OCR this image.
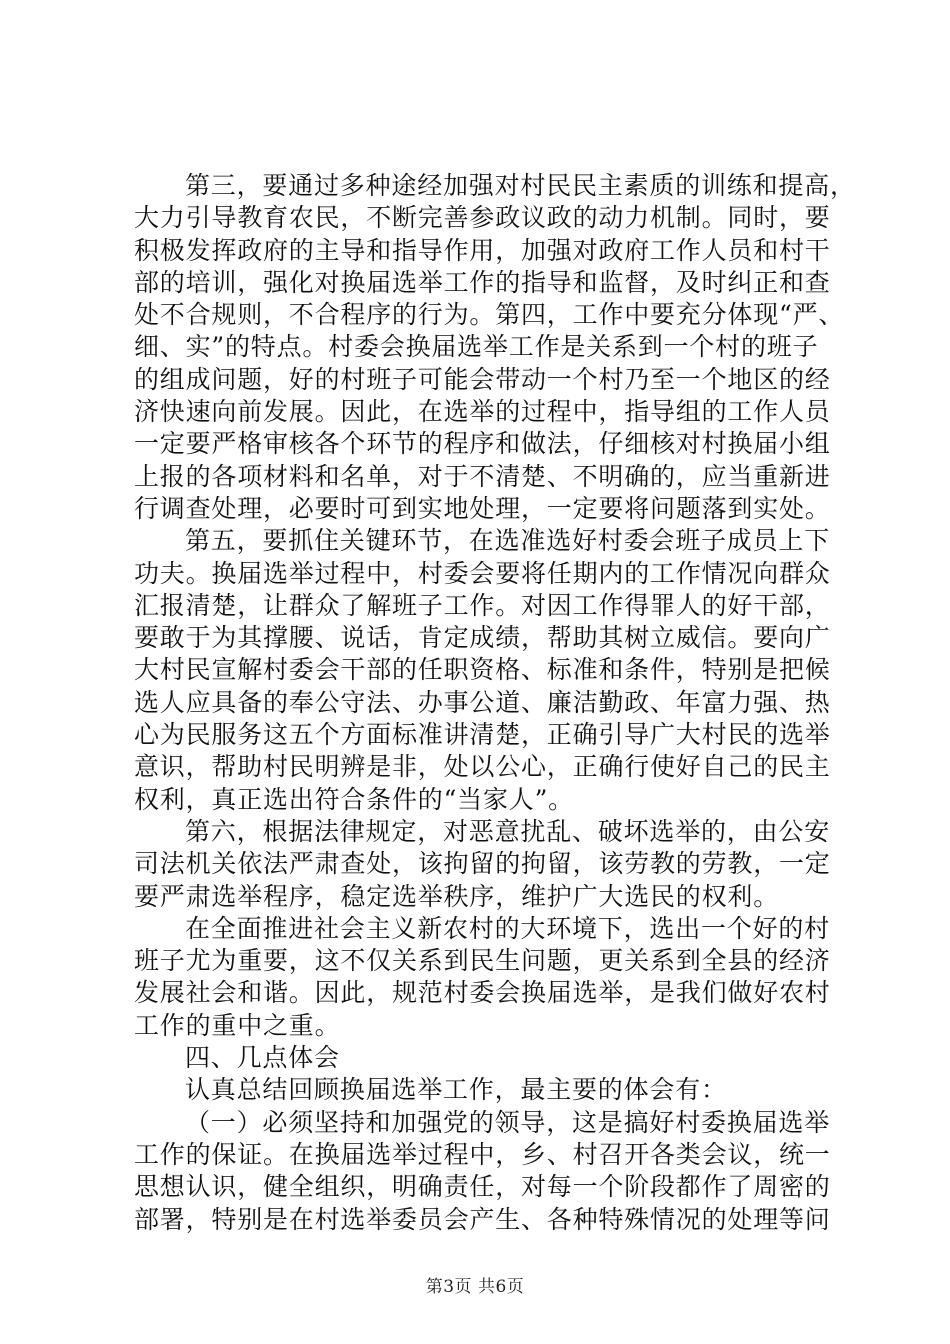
第三，要通过多种途经加强对村民民主素质的训练和提高，
大力引导教育农民，不断完善参政议政的动力机制。同时，要
积极发挥政府的主导和指导作用，加强对政府工作人员和村干
部的培训，强化对换届选举工作的指导和监督，及时纠正和查
处不合规则，不合程序的行为。第四，工作中要充分体现“严、
细、实”的特点。村委会换届选举工作是关系到一个村的班子
的组成问题，好的村班子可能会带动一个村乃至一个地区的经
济快速向前发展。因此，在选举的过程中，指导组的工作人员
一定要严格审核各个环节的程序和做法，仔细核对村换届小组
上报的各项材料和名单，对于不清楚、不明确的，应当重新进
行调查处理，必要时可到实地处理，一定要将问题落到实处。
第五，要抓住关键环节，在选准选好村委会班子成员上下
功夫。换届选举过程中，村委会要将任期内的工作情况向群众
汇报清楚，让群众了解班子工作。对因工作得罪人的好干部，
要敢于为其撑腰、说话，肯定成绩，帮助其树立威信。要向广
大村民宣解村委会干部的任职资格、标准和条件，特别是把候
选人应具备的奉公守法、办事公道、廉洁勤政、年富力强、热
心为民服务这五个方面标准讲清楚，正确引导广大村民的选举
意识，帮助村民明辨是非，处以公心，正确行使好自己的民主
权利，真正选出符合条件的“当家人”。
第六，根据法律规定，对恶意扰乱、破坏选举的，由公安
司法机关依法严肃查处，该拘留的拘留，该劳教的劳教，一定
要严肃选举程序，稳定选举秩序，维护广大选民的权利。
在全面推进社会主义新农村的大环境下，选出一个好的村
班子尤为重要，这不仅关系到民生问题，更关系到全县的经济
发展社会和谐。因此，规范村委会换届选举，是我们做好农村
工作的重中之重。
四、几点体会
认真总结回顾换届选举工作，最主要的体会有：
（一）必须坚持和加强党的领导，这是搞好村委换届选举
工作的保证。在换届选举过程中，乡、村召开各类会议，统一
思想认识，健全组织，明确责任，对每一个阶段都作了周密的
部署，特别是在村选举委员会产生、各种特殊情况的处理等问
第3页 共6页
